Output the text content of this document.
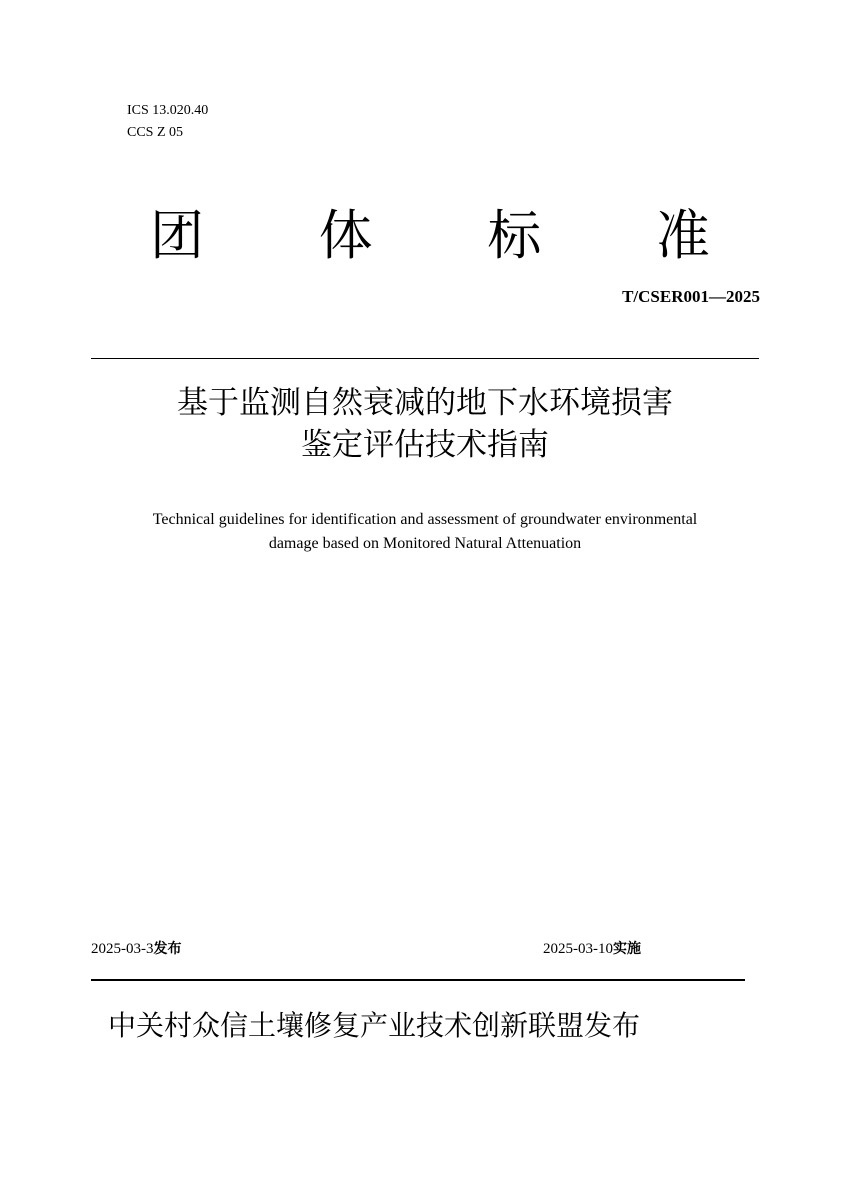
ICS 13.020.40
CCS Z 05
团 体 标 准
T/CSER001—2025
基于监测自然衰减的地下水环境损害
鉴定评估技术指南
Technical guidelines for identification and assessment of groundwater environmental
damage based on Monitored Natural Attenuation
2025-03-3发布	2025-03-10实施
中关村众信土壤修复产业技术创新联盟发布
